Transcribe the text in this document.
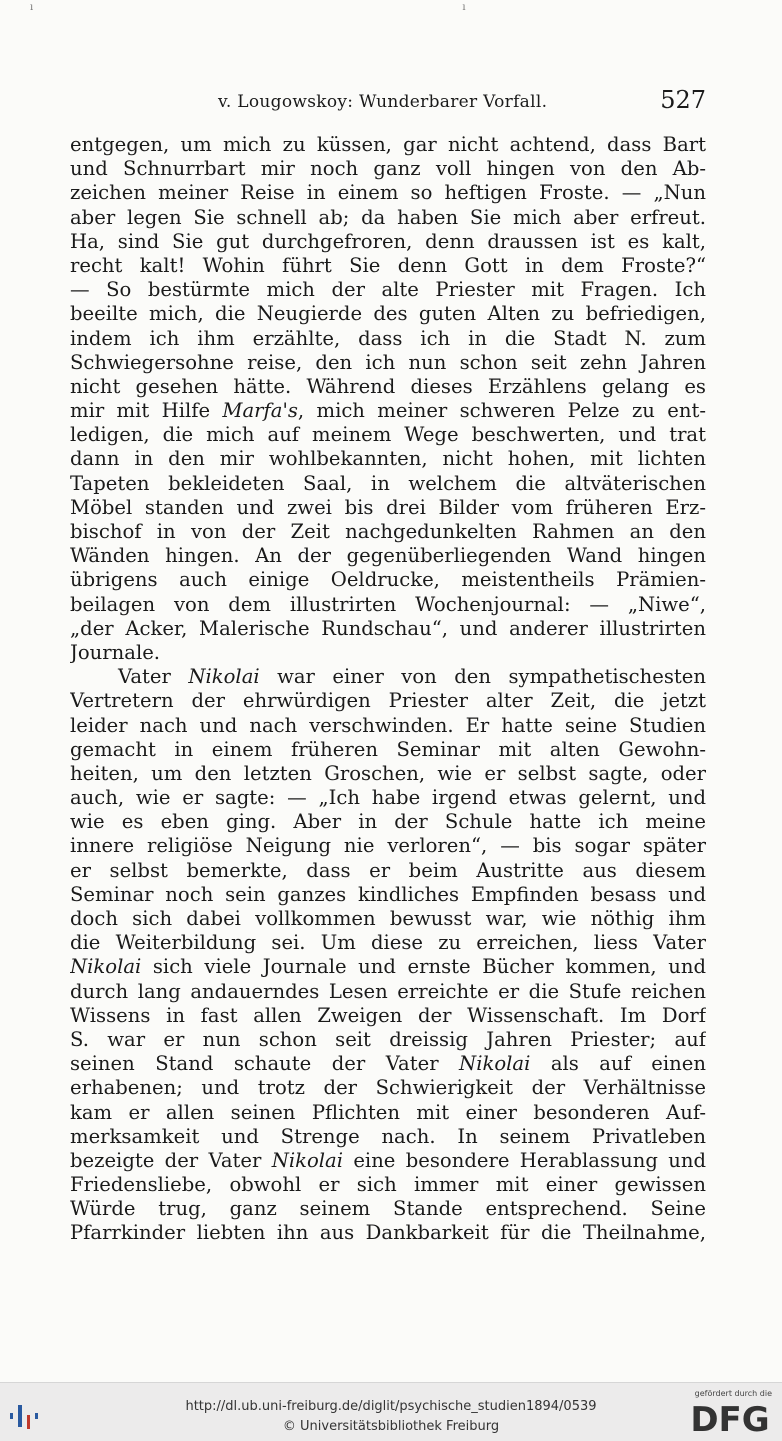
ı                                                                                                                                       ı
v. Lougowskoy: Wunderbarer Vorfall.	527
entgegen, um mich zu küssen, gar nicht achtend, dass Bart
und Schnurrbart mir noch ganz voll hingen von den Ab-
zeichen meiner Reise in einem so heftigen Froste. — „Nun
aber legen Sie schnell ab; da haben Sie mich aber erfreut.
Ha, sind Sie gut durchgefroren, denn draussen ist es kalt,
recht kalt! Wohin führt Sie denn Gott in dem Froste?“
— So bestürmte mich der alte Priester mit Fragen. Ich
beeilte mich, die Neugierde des guten Alten zu befriedigen,
indem ich ihm erzählte, dass ich in die Stadt N. zum
Schwiegersohne reise, den ich nun schon seit zehn Jahren
nicht gesehen hätte. Während dieses Erzählens gelang es
mir mit Hilfe Marfa's, mich meiner schweren Pelze zu ent-
ledigen, die mich auf meinem Wege beschwerten, und trat
dann in den mir wohlbekannten, nicht hohen, mit lichten
Tapeten bekleideten Saal, in welchem die altväterischen
Möbel standen und zwei bis drei Bilder vom früheren Erz-
bischof in von der Zeit nachgedunkelten Rahmen an den
Wänden hingen. An der gegenüberliegenden Wand hingen
übrigens auch einige Oeldrucke, meistentheils Prämien-
beilagen von dem illustrirten Wochenjournal: — „Niwe“,
„der Acker, Malerische Rundschau“, und anderer illustrirten
Journale.
Vater Nikolai war einer von den sympathetischesten
Vertretern der ehrwürdigen Priester alter Zeit, die jetzt
leider nach und nach verschwinden. Er hatte seine Studien
gemacht in einem früheren Seminar mit alten Gewohn-
heiten, um den letzten Groschen, wie er selbst sagte, oder
auch, wie er sagte: — „Ich habe irgend etwas gelernt, und
wie es eben ging. Aber in der Schule hatte ich meine
innere religiöse Neigung nie verloren“, — bis sogar später
er selbst bemerkte, dass er beim Austritte aus diesem
Seminar noch sein ganzes kindliches Empfinden besass und
doch sich dabei vollkommen bewusst war, wie nöthig ihm
die Weiterbildung sei. Um diese zu erreichen, liess Vater
Nikolai sich viele Journale und ernste Bücher kommen, und
durch lang andauerndes Lesen erreichte er die Stufe reichen
Wissens in fast allen Zweigen der Wissenschaft. Im Dorf
S. war er nun schon seit dreissig Jahren Priester; auf
seinen Stand schaute der Vater Nikolai als auf einen
erhabenen; und trotz der Schwierigkeit der Verhältnisse
kam er allen seinen Pflichten mit einer besonderen Auf-
merksamkeit und Strenge nach. In seinem Privatleben
bezeigte der Vater Nikolai eine besondere Herablassung und
Friedensliebe, obwohl er sich immer mit einer gewissen
Würde trug, ganz seinem Stande entsprechend. Seine
Pfarrkinder liebten ihn aus Dankbarkeit für die Theilnahme,
http://dl.ub.uni-freiburg.de/diglit/psychische_studien1894/0539
© Universitätsbibliothek Freiburg
gefördert durch die
DFG
